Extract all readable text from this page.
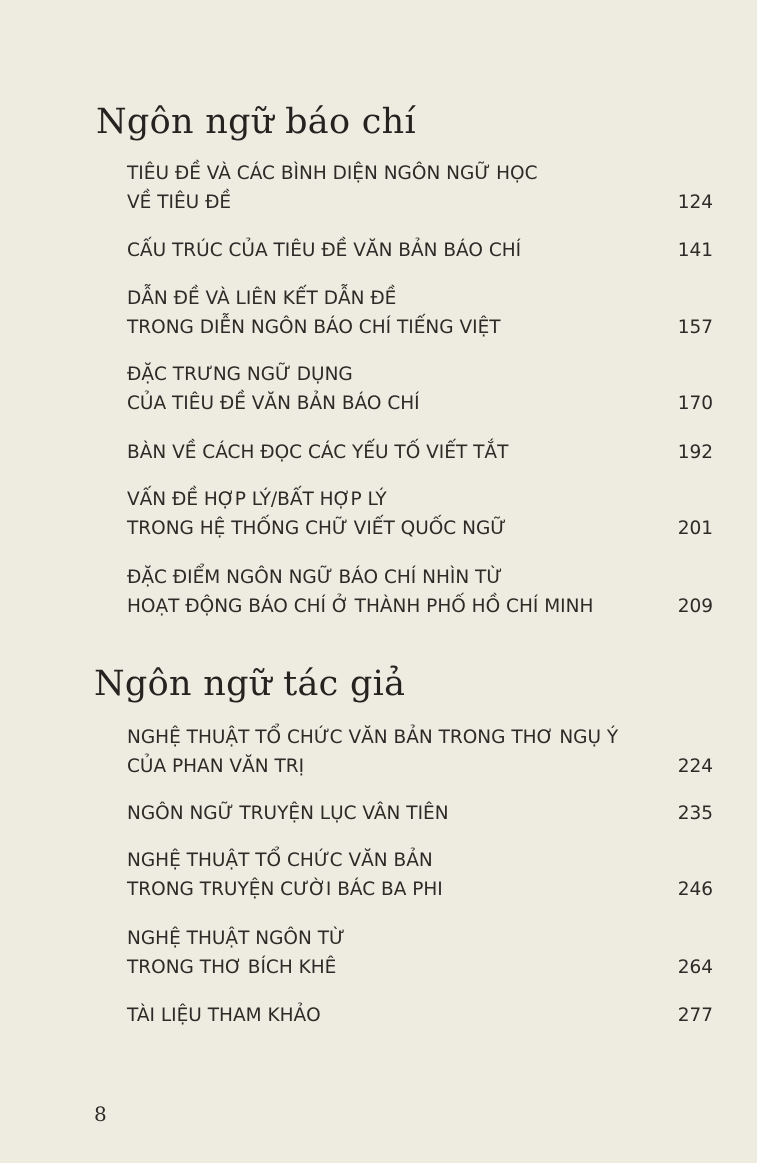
Ngôn ngữ báo chí
TIÊU ĐỀ VÀ CÁC BÌNH DIỆN NGÔN NGỮ HỌC
VỀ TIÊU ĐỀ	124
CẤU TRÚC CỦA TIÊU ĐỀ VĂN BẢN BÁO CHÍ	141
DẪN ĐỀ VÀ LIÊN KẾT DẪN ĐỀ
TRONG DIỄN NGÔN BÁO CHÍ TIẾNG VIỆT	157
ĐẶC TRƯNG NGỮ DỤNG
CỦA TIÊU ĐỀ VĂN BẢN BÁO CHÍ	170
BÀN VỀ CÁCH ĐỌC CÁC YẾU TỐ VIẾT TẮT	192
VẤN ĐỀ HỢP LÝ/BẤT HỢP LÝ
TRONG HỆ THỐNG CHỮ VIẾT QUỐC NGỮ	201
ĐẶC ĐIỂM NGÔN NGỮ BÁO CHÍ NHÌN TỪ
HOẠT ĐỘNG BÁO CHÍ Ở THÀNH PHỐ HỒ CHÍ MINH	209
Ngôn ngữ tác giả
NGHỆ THUẬT TỔ CHỨC VĂN BẢN TRONG THƠ NGỤ Ý
CỦA PHAN VĂN TRỊ	224
NGÔN NGỮ TRUYỆN LỤC VÂN TIÊN	235
NGHỆ THUẬT TỔ CHỨC VĂN BẢN
TRONG TRUYỆN CƯỜI BÁC BA PHI	246
NGHỆ THUẬT NGÔN TỪ
TRONG THƠ BÍCH KHÊ	264
TÀI LIỆU THAM KHẢO	277
8
